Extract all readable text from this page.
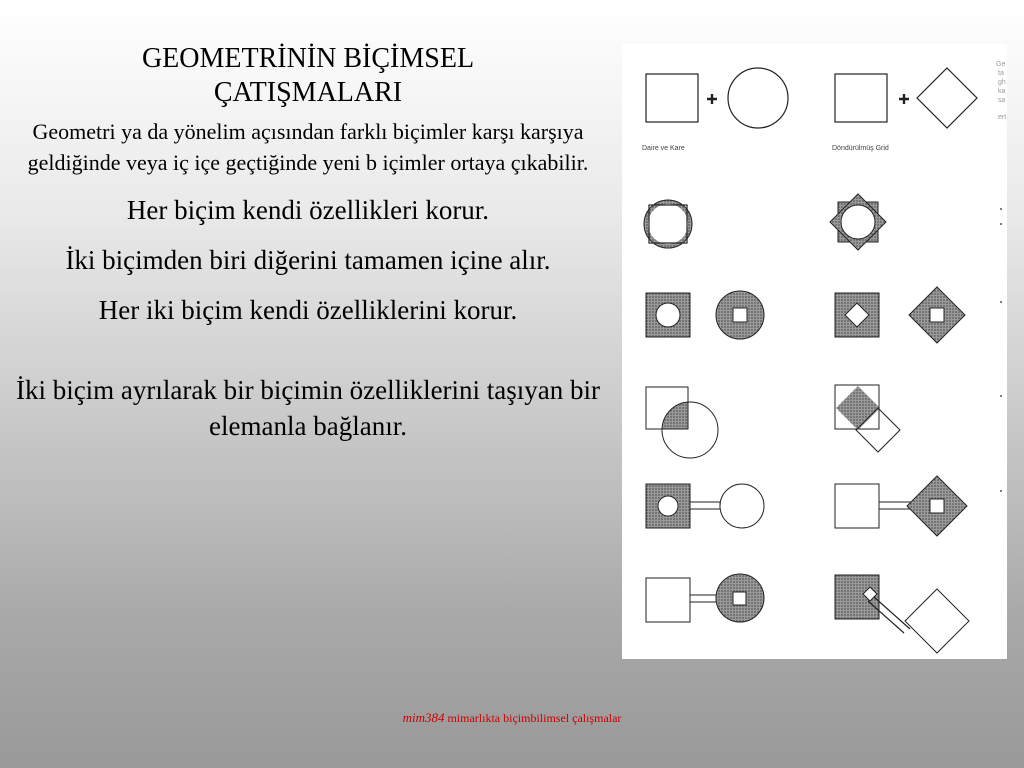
GEOMETRİNİN BİÇİMSEL
ÇATIŞMALARI

Geometri ya da yönelim açısından farklı biçimler karşı karşıya geldiğinde veya iç içe geçtiğinde yeni b içimler ortaya çıkabilir.

Her biçim kendi özellikleri korur.

İki biçimden biri diğerini tamamen içine alır.

Her iki biçim kendi özelliklerini korur.

İki biçim ayrılarak bir biçimin özelliklerini taşıyan bir elemanla bağlanır.

Daire ve Kare	Döndürülmüş Grid
Ge
ta
gh
ka
sa
ert
mim384 mimarlıkta biçimbilimsel çalışmalar
